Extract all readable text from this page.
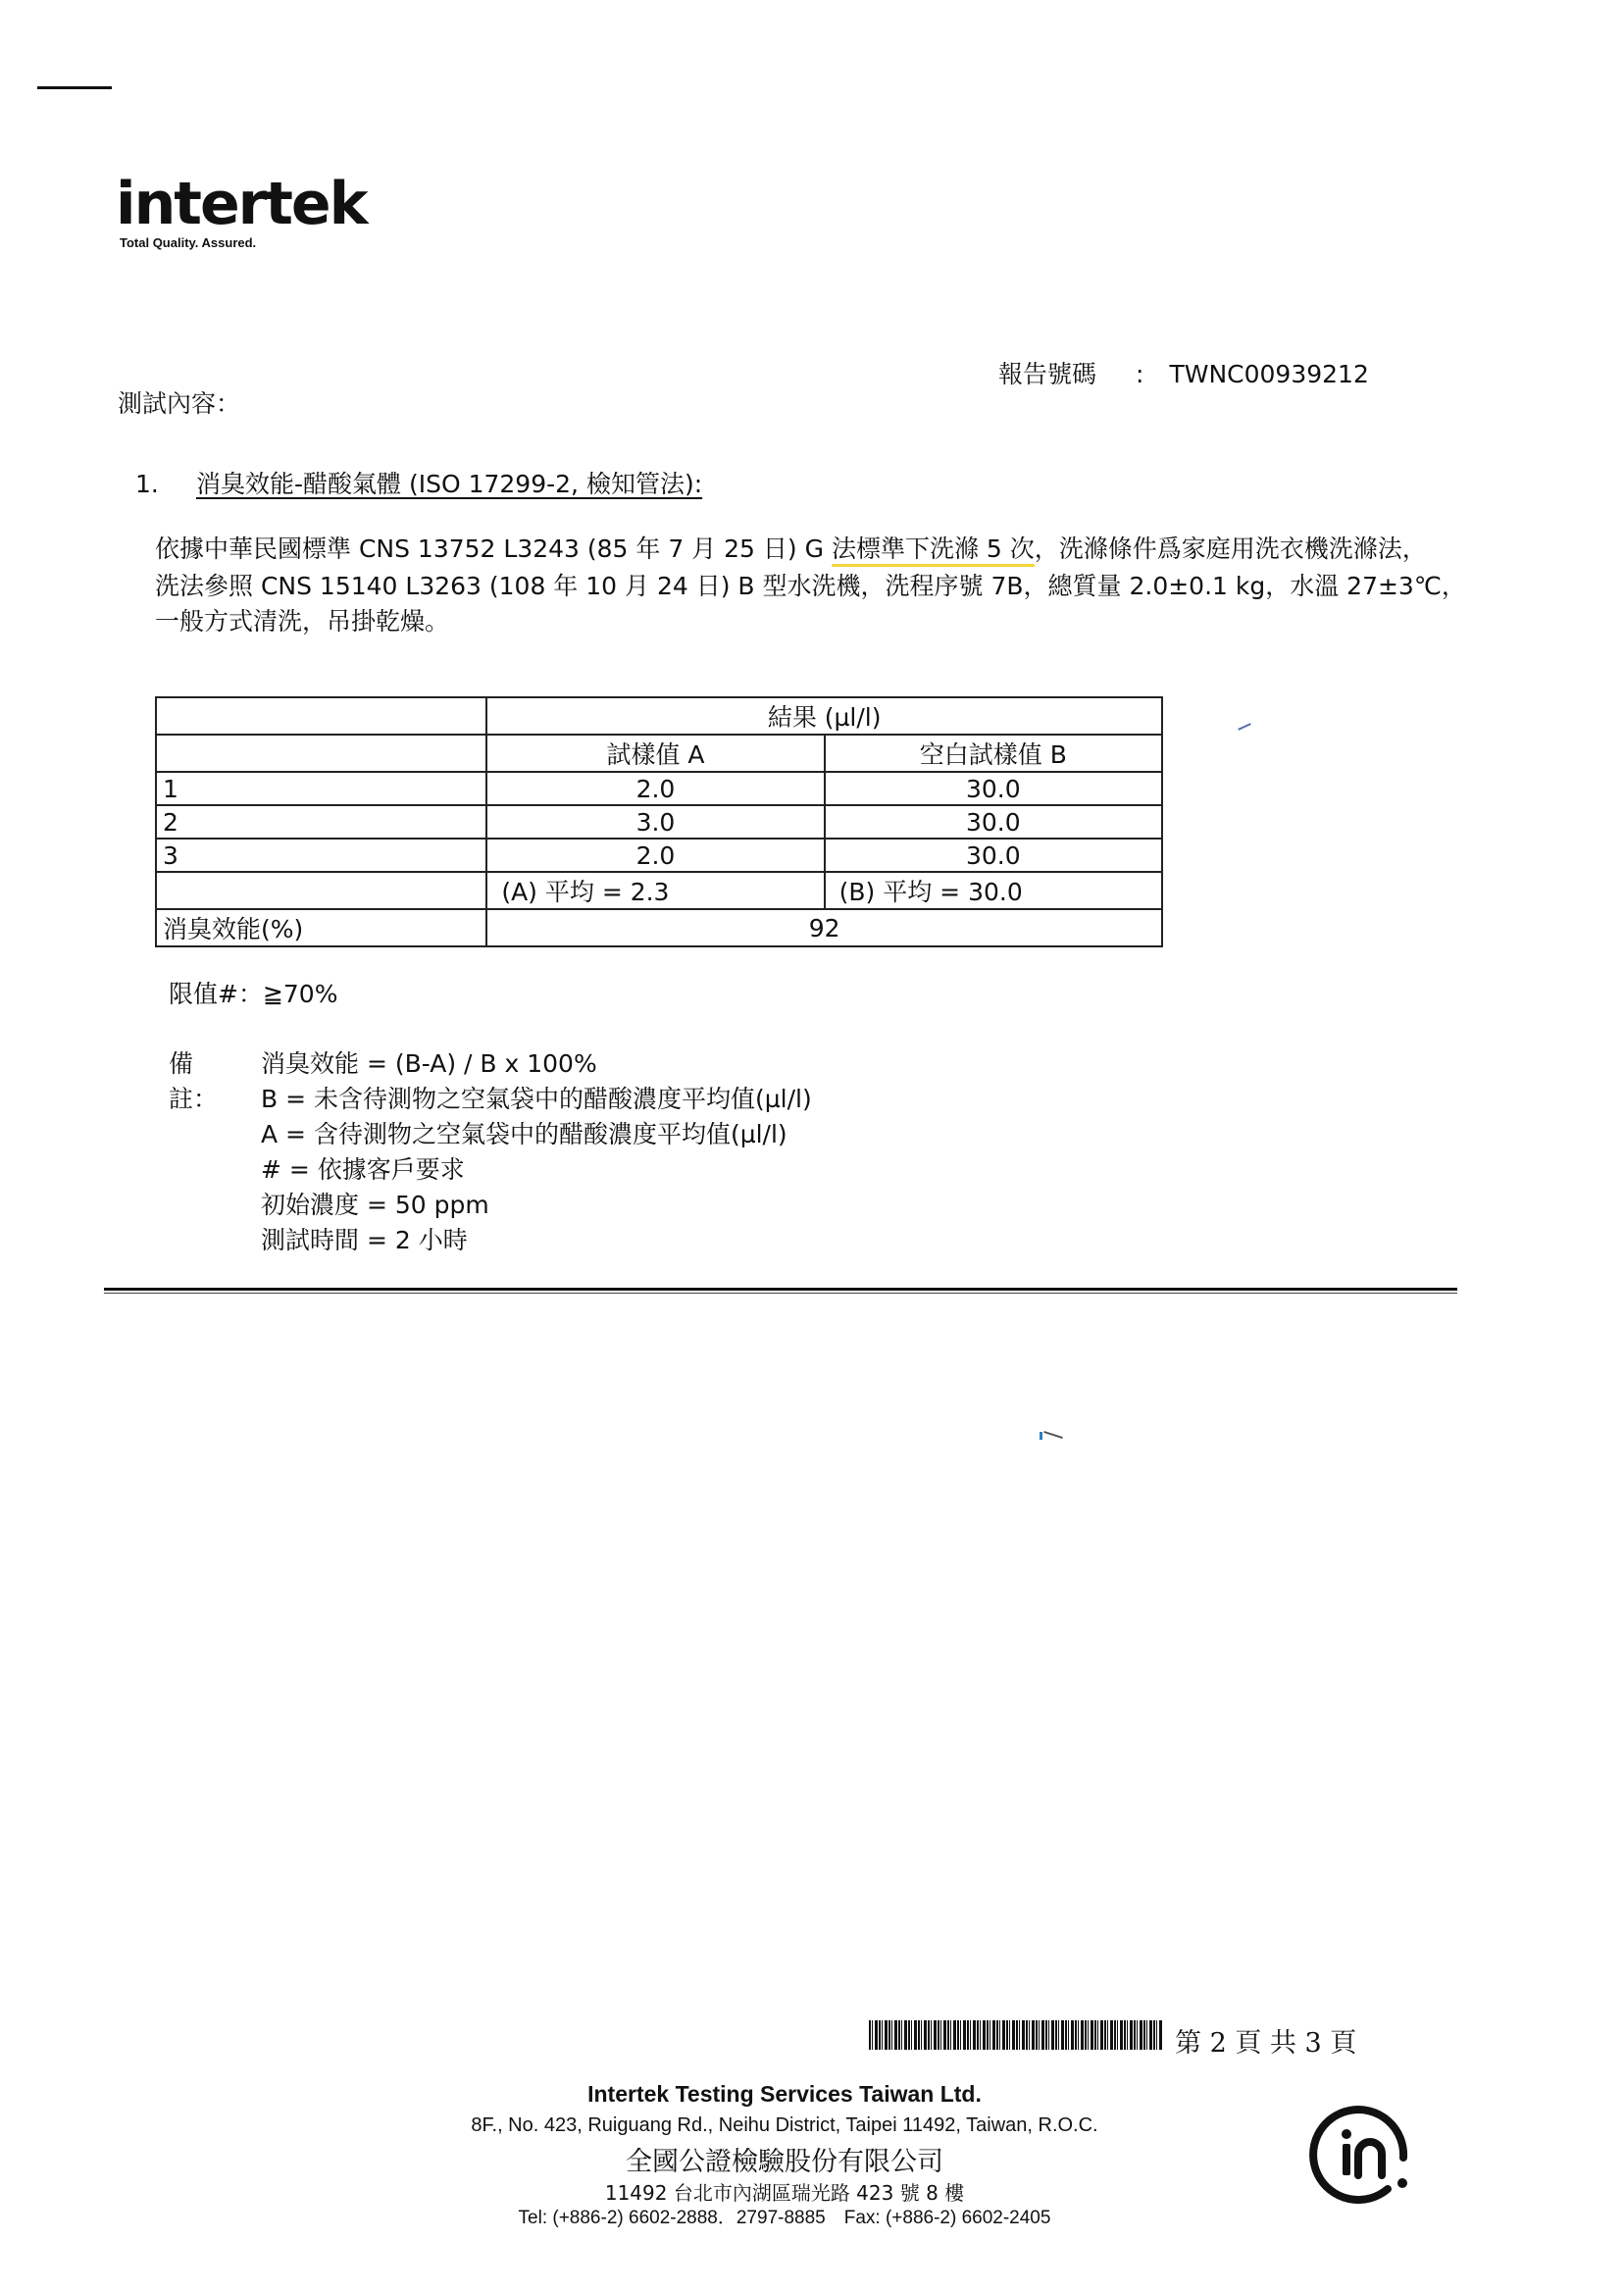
intertek
Total Quality. Assured.
報告號碼 : TWNC00939212
測試內容：
1. 消臭效能-醋酸氣體 (ISO 17299-2, 檢知管法):
依據中華民國標準 CNS 13752 L3243 (85 年 7 月 25 日) G 法標準下洗滌 5 次，洗滌條件爲家庭用洗衣機洗滌法，
洗法參照 CNS 15140 L3263 (108 年 10 月 24 日) B 型水洗機，洗程序號 7B，總質量 2.0±0.1 kg，水溫 27±3℃，
一般方式清洗，吊掛乾燥。
	結果 (µl/l)	
	試樣值 A	空白試樣值 B
1	2.0	30.0
2	3.0	30.0
3	2.0	30.0
	(A) 平均 = 2.3	(B) 平均 = 30.0
消臭效能(%)	92	
限值#：≧70%
備註：
消臭效能 = (B-A) / B x 100%
B = 未含待測物之空氣袋中的醋酸濃度平均值(µl/l)
A = 含待測物之空氣袋中的醋酸濃度平均值(µl/l)
# = 依據客戶要求
初始濃度 = 50 ppm
測試時間 = 2 小時
第 2 頁 共 3 頁
Intertek Testing Services Taiwan Ltd.
8F., No. 423, Ruiguang Rd., Neihu District, Taipei 11492, Taiwan, R.O.C.
全國公證檢驗股份有限公司
11492 台北市內湖區瑞光路 423 號 8 樓
Tel: (+886-2) 6602-2888．2797-8885　Fax: (+886-2) 6602-2405
